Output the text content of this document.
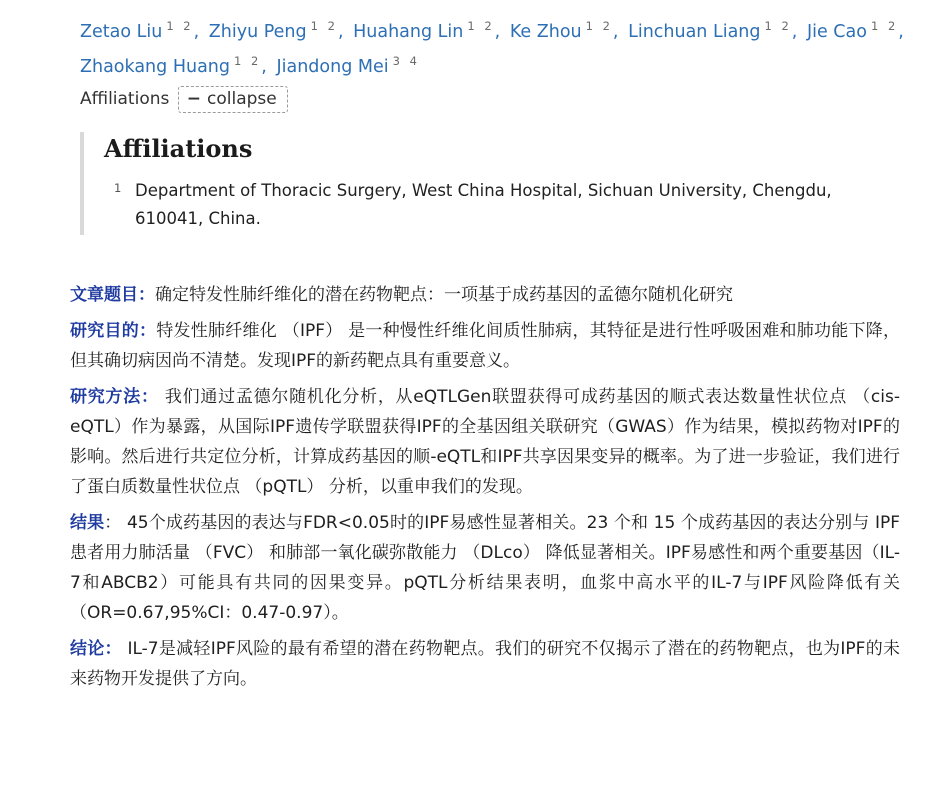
Zetao Liu $^{1 2}$, Zhiyu Peng $^{1 2}$, Huahang Lin $^{1 2}$, Ke Zhou $^{1 2}$, Linchuan Liang $^{1 2}$, Jie Cao $^{1 2}$,
Zhaokang Huang $^{1 2}$, Jiandong Mei $^{3 4}$
Affiliations − collapse
Affiliations
1 Department of Thoracic Surgery, West China Hospital, Sichuan University, Chengdu, 610041, China.

文章题目：确定特发性肺纤维化的潜在药物靶点：一项基于成药基因的孟德尔随机化研究

研究目的：特发性肺纤维化 （IPF） 是一种慢性纤维化间质性肺病，其特征是进行性呼吸困难和肺功能下降，但其确切病因尚不清楚。发现IPF的新药靶点具有重要意义。

研究方法： 我们通过孟德尔随机化分析，从eQTLGen联盟获得可成药基因的顺式表达数量性状位点 （cis-eQTL）作为暴露，从国际IPF遗传学联盟获得IPF的全基因组关联研究（GWAS）作为结果，模拟药物对IPF的影响。然后进行共定位分析，计算成药基因的顺-eQTL和IPF共享因果变异的概率。为了进一步验证，我们进行了蛋白质数量性状位点 （pQTL） 分析，以重申我们的发现。

结果： 45个成药基因的表达与FDR<0.05时的IPF易感性显著相关。23 个和 15 个成药基因的表达分别与 IPF 患者用力肺活量 （FVC） 和肺部一氧化碳弥散能力 （DLco） 降低显著相关。IPF易感性和两个重要基因（IL-7和ABCB2）可能具有共同的因果变异。pQTL分析结果表明，血浆中高水平的IL-7与IPF风险降低有关（OR=0.67,95%CI：0.47-0.97）。

结论： IL-7是减轻IPF风险的最有希望的潜在药物靶点。我们的研究不仅揭示了潜在的药物靶点，也为IPF的未来药物开发提供了方向。
